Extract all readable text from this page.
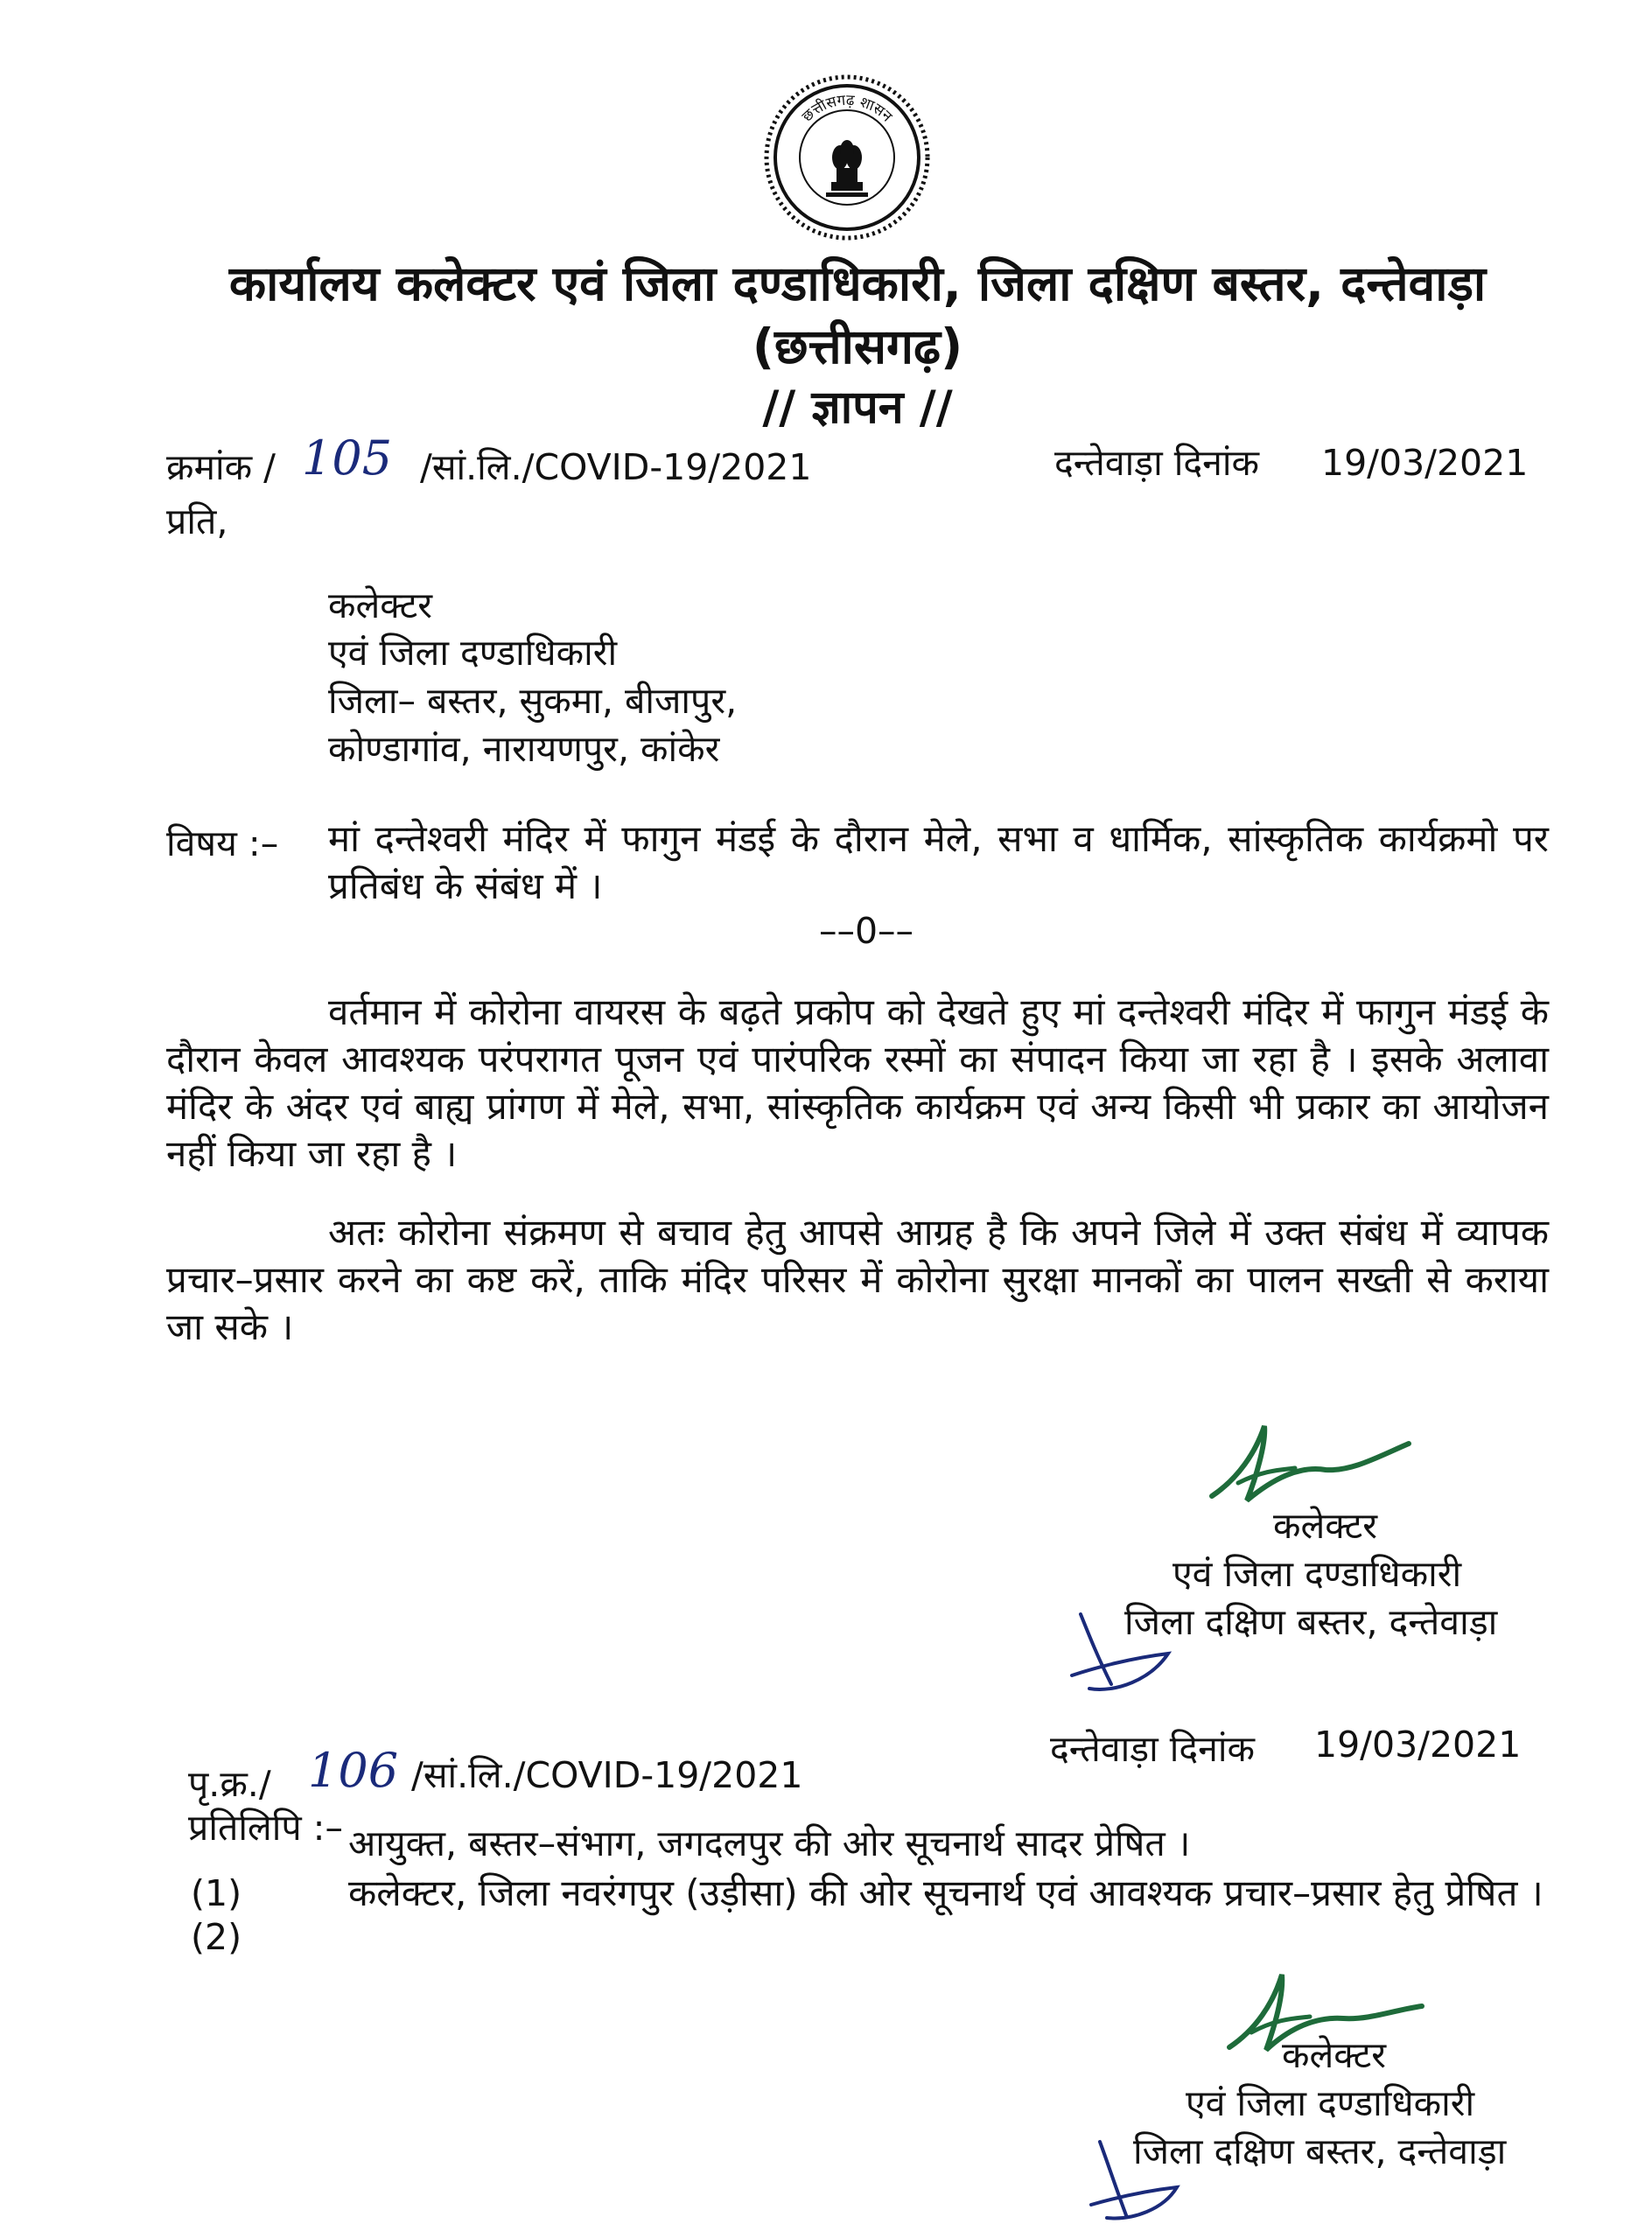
छत्तीसगढ़ शासन
कार्यालय कलेक्टर एवं जिला दण्डाधिकारी, जिला दक्षिण बस्तर, दन्तेवाड़ा
(छत्तीसगढ़)
// ज्ञापन //
क्रमांक / 105 /सां.लि./COVID-19/2021	दन्तेवाड़ा दिनांक 19/03/2021
प्रति,
कलेक्टर
एवं जिला दण्डाधिकारी
जिला– बस्तर, सुकमा, बीजापुर,
कोण्डागांव, नारायणपुर, कांकेर
विषय :– मां दन्तेश्वरी मंदिर में फागुन मंडई के दौरान मेले, सभा व धार्मिक, सांस्कृतिक कार्यक्रमो पर प्रतिबंध के संबंध में ।
––0––
वर्तमान में कोरोना वायरस के बढ़ते प्रकोप को देखते हुए मां दन्तेश्वरी मंदिर में फागुन मंडई के दौरान केवल आवश्यक परंपरागत पूजन एवं पारंपरिक रस्मों का संपादन किया जा रहा है । इसके अलावा मंदिर के अंदर एवं बाह्य प्रांगण में मेले, सभा, सांस्कृतिक कार्यक्रम एवं अन्य किसी भी प्रकार का आयोजन नहीं किया जा रहा है ।
अतः कोरोना संक्रमण से बचाव हेतु आपसे आग्रह है कि अपने जिले में उक्त संबंध में व्यापक प्रचार–प्रसार करने का कष्ट करें, ताकि मंदिर परिसर में कोरोना सुरक्षा मानकों का पालन सख्ती से कराया जा सके ।
कलेक्टर
एवं जिला दण्डाधिकारी
जिला दक्षिण बस्तर, दन्तेवाड़ा
पृ.क्र./ 106 /सां.लि./COVID-19/2021
दन्तेवाड़ा दिनांक 19/03/2021
प्रतिलिपि :–
(1)
आयुक्त, बस्तर–संभाग, जगदलपुर की ओर सूचनार्थ सादर प्रेषित ।
(2)
कलेक्टर, जिला नवरंगपुर (उड़ीसा) की ओर सूचनार्थ एवं आवश्यक प्रचार–प्रसार हेतु प्रेषित ।
कलेक्टर
एवं जिला दण्डाधिकारी
जिला दक्षिण बस्तर, दन्तेवाड़ा
